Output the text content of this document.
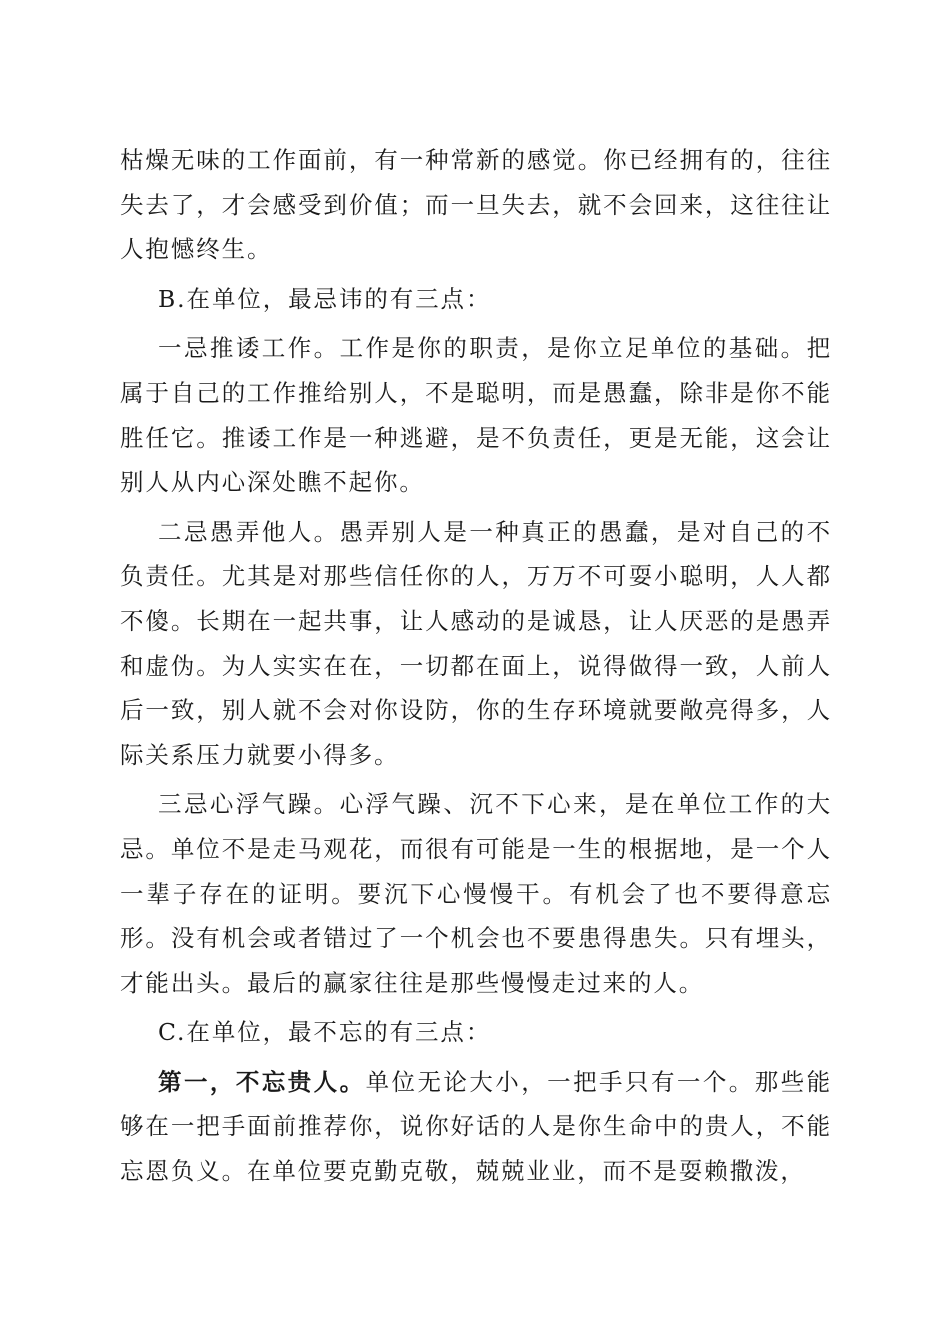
枯燥无味的工作面前，有一种常新的感觉。你已经拥有的，往往失去了，才会感受到价值；而一旦失去，就不会回来，这往往让人抱憾终生。

B.在单位，最忌讳的有三点：

一忌推诿工作。工作是你的职责，是你立足单位的基础。把属于自己的工作推给别人，不是聪明，而是愚蠢，除非是你不能胜任它。推诿工作是一种逃避，是不负责任，更是无能，这会让别人从内心深处瞧不起你。

二忌愚弄他人。愚弄别人是一种真正的愚蠢，是对自己的不负责任。尤其是对那些信任你的人，万万不可耍小聪明，人人都不傻。长期在一起共事，让人感动的是诚恳，让人厌恶的是愚弄和虚伪。为人实实在在，一切都在面上，说得做得一致，人前人后一致，别人就不会对你设防，你的生存环境就要敞亮得多，人际关系压力就要小得多。

三忌心浮气躁。心浮气躁、沉不下心来，是在单位工作的大忌。单位不是走马观花，而很有可能是一生的根据地，是一个人一辈子存在的证明。要沉下心慢慢干。有机会了也不要得意忘形。没有机会或者错过了一个机会也不要患得患失。只有埋头，才能出头。最后的赢家往往是那些慢慢走过来的人。

C.在单位，最不忘的有三点：

第一，不忘贵人。单位无论大小，一把手只有一个。那些能够在一把手面前推荐你，说你好话的人是你生命中的贵人，不能忘恩负义。在单位要克勤克敬，兢兢业业，而不是耍赖撒泼，
